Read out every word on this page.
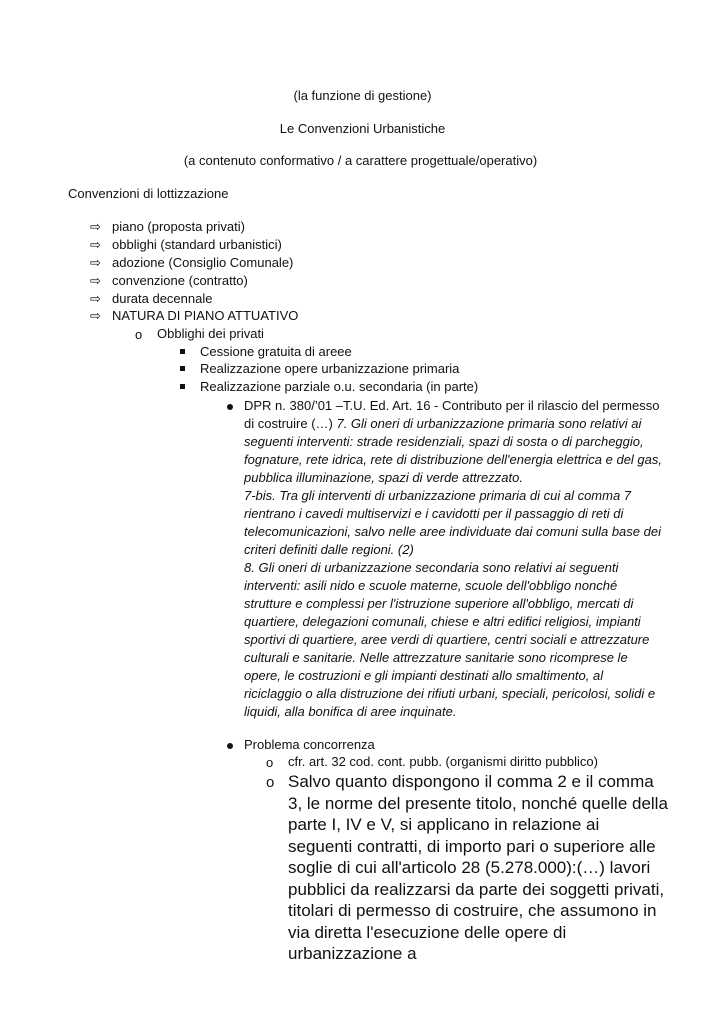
(la funzione di gestione)
Le Convenzioni Urbanistiche
(a contenuto conformativo / a carattere progettuale/operativo)
Convenzioni di lottizzazione
⇨ piano (proposta privati)
⇨ obblighi (standard urbanistici)
⇨ adozione (Consiglio Comunale)
⇨ convenzione (contratto)
⇨ durata decennale
⇨ NATURA DI PIANO ATTUATIVO
o Obblighi dei privati
Cessione gratuita di areee
Realizzazione opere urbanizzazione primaria
Realizzazione parziale o.u. secondaria (in parte)
DPR n. 380/’01 –T.U. Ed. Art. 16 - Contributo per il rilascio del permesso di costruire (…) 7. Gli oneri di urbanizzazione primaria sono relativi ai seguenti interventi: strade residenziali, spazi di sosta o di parcheggio, fognature, rete idrica, rete di distribuzione dell'energia elettrica e del gas, pubblica illuminazione, spazi di verde attrezzato.
7-bis. Tra gli interventi di urbanizzazione primaria di cui al comma 7 rientrano i cavedi multiservizi e i cavidotti per il passaggio di reti di telecomunicazioni, salvo nelle aree individuate dai comuni sulla base dei criteri definiti dalle regioni. (2)
8. Gli oneri di urbanizzazione secondaria sono relativi ai seguenti interventi: asili nido e scuole materne, scuole dell'obbligo nonché strutture e complessi per l'istruzione superiore all'obbligo, mercati di quartiere, delegazioni comunali, chiese e altri edifici religiosi, impianti sportivi di quartiere, aree verdi di quartiere, centri sociali e attrezzature culturali e sanitarie. Nelle attrezzature sanitarie sono ricomprese le opere, le costruzioni e gli impianti destinati allo smaltimento, al riciclaggio o alla distruzione dei rifiuti urbani, speciali, pericolosi, solidi e liquidi, alla bonifica di aree inquinate.
Problema concorrenza
o cfr. art. 32 cod. cont. pubb. (organismi diritto pubblico)
o Salvo quanto dispongono il comma 2 e il comma 3, le norme del presente titolo, nonché quelle della parte I, IV e V, si applicano in relazione ai seguenti contratti, di importo pari o superiore alle soglie di cui all'articolo 28 (5.278.000):(…) lavori pubblici da realizzarsi da parte dei soggetti privati, titolari di permesso di costruire, che assumono in via diretta l'esecuzione delle opere di urbanizzazione a
